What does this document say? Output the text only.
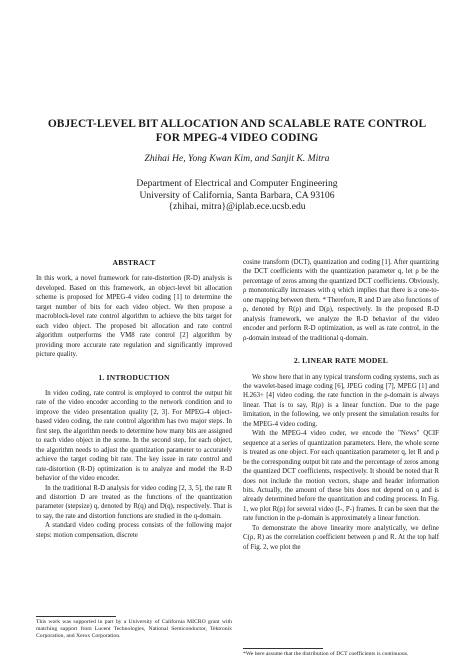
OBJECT-LEVEL BIT ALLOCATION AND SCALABLE RATE CONTROL
FOR MPEG-4 VIDEO CODING
Zhihai He, Yong Kwan Kim, and Sanjit K. Mitra
Department of Electrical and Computer Engineering
University of California, Santa Barbara, CA 93106
{zhihai, mitra}@iplab.ece.ucsb.edu
ABSTRACT

In this work, a novel framework for rate-distortion (R-D) analysis is developed. Based on this framework, an object-level bit allocation scheme is proposed for MPEG-4 video coding [1] to determine the target number of bits for each video object. We then propose a macroblock-level rate control algorithm to achieve the bits target for each video object. The proposed bit allocation and rate control algorithm outperforms the VM8 rate control [2] algorithm by providing more accurate rate regulation and significantly improved picture quality.

1. INTRODUCTION

In video coding, rate control is employed to control the output bit rate of the video encoder according to the network condition and to improve the video presentation quality [2, 3]. For MPEG-4 object-based video coding, the rate control algorithm has two major steps. In first step, the algorithm needs to determine how many bits are assigned to each video object in the scene. In the second step, for each object, the algorithm needs to adjust the quantization parameter to accurately achieve the target coding bit rate. The key issue in rate control and rate-distortion (R-D) optimization is to analyze and model the R-D behavior of the video encoder.

In the traditional R-D analysis for video coding [2, 3, 5], the rate R and distortion D are treated as the functions of the quantization parameter (stepsize) q, denoted by R(q) and D(q), respectively. That is to say, the rate and distortion functions are studied in the q-domain.

A standard video coding process consists of the following major steps: motion compensation, discrete

This work was supported in part by a University of California MICRO grant with matching support from Lucent Technologies, National Semiconductor, Tektronix Corporation, and Xerox Corporation.

cosine transform (DCT), quantization and coding [1]. After quantizing the DCT coefficients with the quantization parameter q, let ρ be the percentage of zeros among the quantized DCT coefficients. Obviously, ρ monotonically increases with q which implies that there is a one-to-one mapping between them. * Therefore, R and D are also functions of ρ, denoted by R(ρ) and D(ρ), respectively. In the proposed R-D analysis framework, we analyze the R-D behavior of the video encoder and perform R-D optimization, as well as rate control, in the ρ-domain instead of the traditional q-domain.

2. LINEAR RATE MODEL

We show here that in any typical transform coding systems, such as the wavelet-based image coding [6], JPEG coding [7], MPEG [1] and H.263+ [4] video coding, the rate function in the ρ-domain is always linear. That is to say, R(ρ) is a linear function. Due to the page limitation, in the following, we only present the simulation results for the MPEG-4 video coding.

With the MPEG-4 video coder, we encode the "News" QCIF sequence at a series of quantization parameters. Here, the whole scene is treated as one object. For each quantization parameter q, let R and ρ be the corresponding output bit rate and the percentage of zeros among the quantized DCT coefficients, respectively. It should be noted that R does not include the motion vectors, shape and header information bits. Actually, the amount of these bits does not depend on q and is already determined before the quantization and coding process. In Fig. 1, we plot R(ρ) for several video (I-, P-) frames. It can be seen that the rate function in the ρ-domain is approximately a linear function.

To demonstrate the above linearity more analytically, we define C(ρ, R) as the correlation coefficient between ρ and R. At the top half of Fig. 2, we plot the

*We here assume that the distribution of DCT coefficients is continuous.
